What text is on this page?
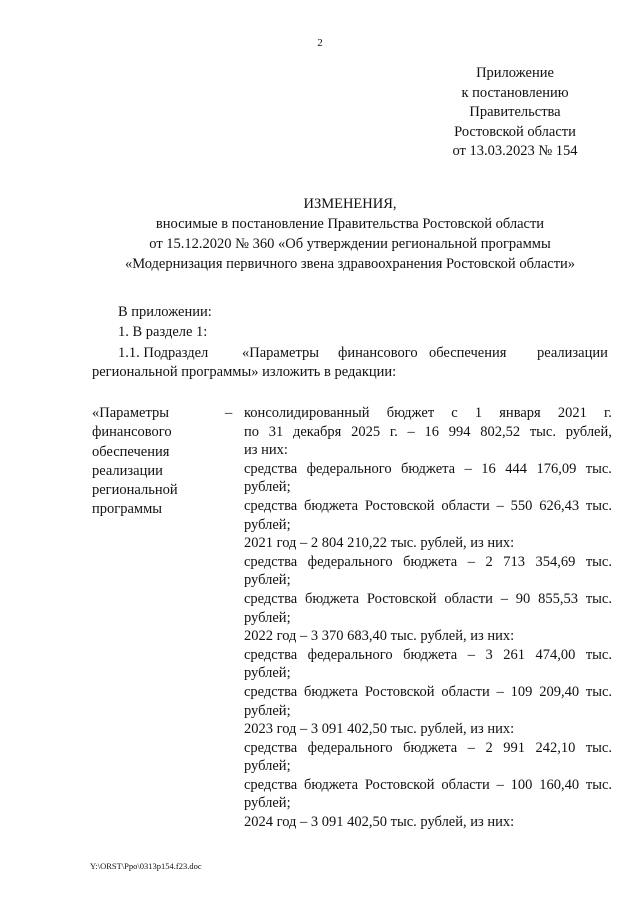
2
Приложение
к постановлению
Правительства
Ростовской области
от 13.03.2023 № 154
ИЗМЕНЕНИЯ,
вносимые в постановление Правительства Ростовской области
от 15.12.2020 № 360 «Об утверждении региональной программы
«Модернизация первичного звена здравоохранения Ростовской области»
В приложении:
1. В разделе 1:
1.1. Подраздел «Параметры финансового обеспечения реализации
региональной программы» изложить в редакции:
«Параметры
финансового
обеспечения
реализации
региональной
программы
– консолидированный бюджет с 1 января 2021 г.
по 31 декабря 2025 г. – 16 994 802,52 тыс. рублей,
из них:
средства федерального бюджета – 16 444 176,09 тыс.
рублей;
средства бюджета Ростовской области – 550 626,43 тыс.
рублей;
2021 год – 2 804 210,22 тыс. рублей, из них:
средства федерального бюджета – 2 713 354,69 тыс.
рублей;
средства бюджета Ростовской области – 90 855,53 тыс.
рублей;
2022 год – 3 370 683,40 тыс. рублей, из них:
средства федерального бюджета – 3 261 474,00 тыс.
рублей;
средства бюджета Ростовской области – 109 209,40 тыс.
рублей;
2023 год – 3 091 402,50 тыс. рублей, из них:
средства федерального бюджета – 2 991 242,10 тыс.
рублей;
средства бюджета Ростовской области – 100 160,40 тыс.
рублей;
2024 год – 3 091 402,50 тыс. рублей, из них:
Y:\ORST\Ppo\0313p154.f23.doc
